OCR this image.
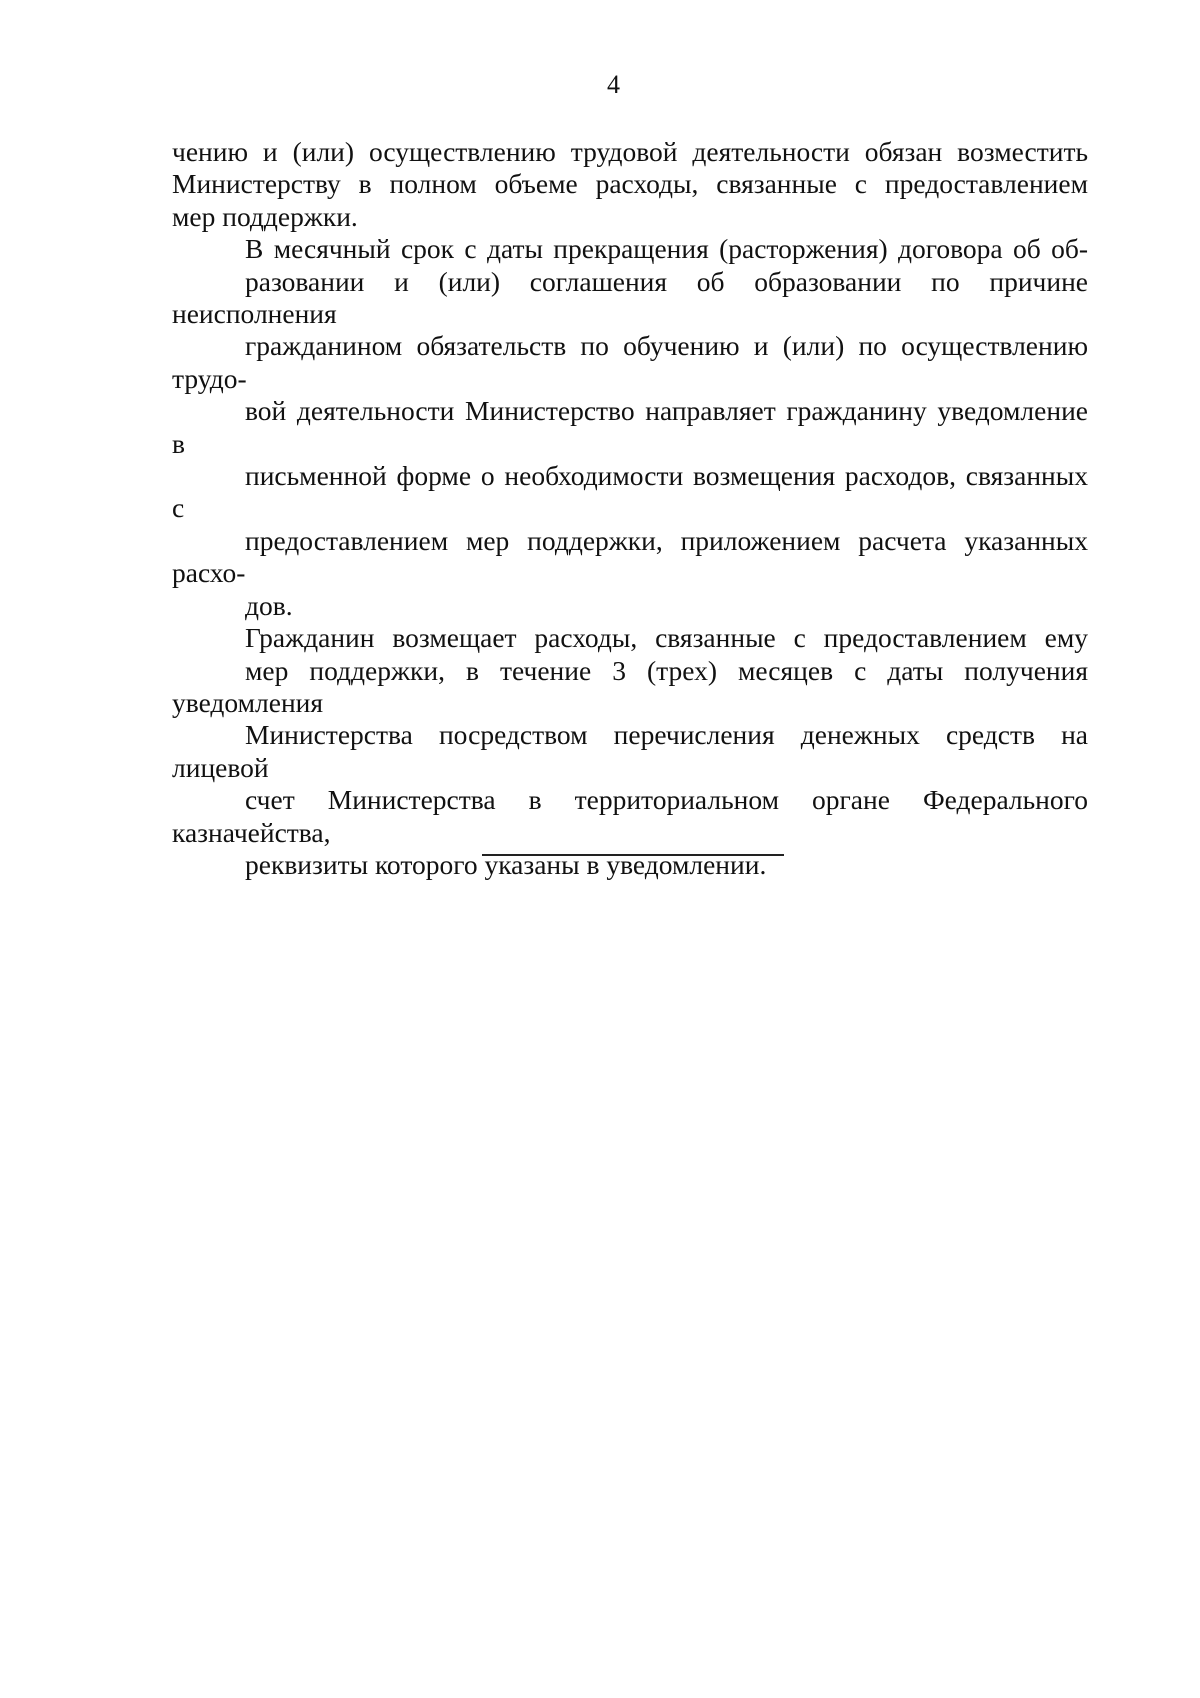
4

чению и (или) осуществлению трудовой деятельности обязан возместить
Министерству в полном объеме расходы, связанные с предоставлением
мер поддержки.

В месячный срок с даты прекращения (расторжения) договора об об-
разовании и (или) соглашения об образовании по причине неисполнения
гражданином обязательств по обучению и (или) по осуществлению трудо-
вой деятельности Министерство направляет гражданину уведомление в
письменной форме о необходимости возмещения расходов, связанных с
предоставлением мер поддержки, приложением расчета указанных расхо-
дов.

Гражданин возмещает расходы, связанные с предоставлением ему
мер поддержки, в течение 3 (трех) месяцев с даты получения уведомления
Министерства посредством перечисления денежных средств на лицевой
счет Министерства в территориальном органе Федерального казначейства,
реквизиты которого указаны в уведомлении.
